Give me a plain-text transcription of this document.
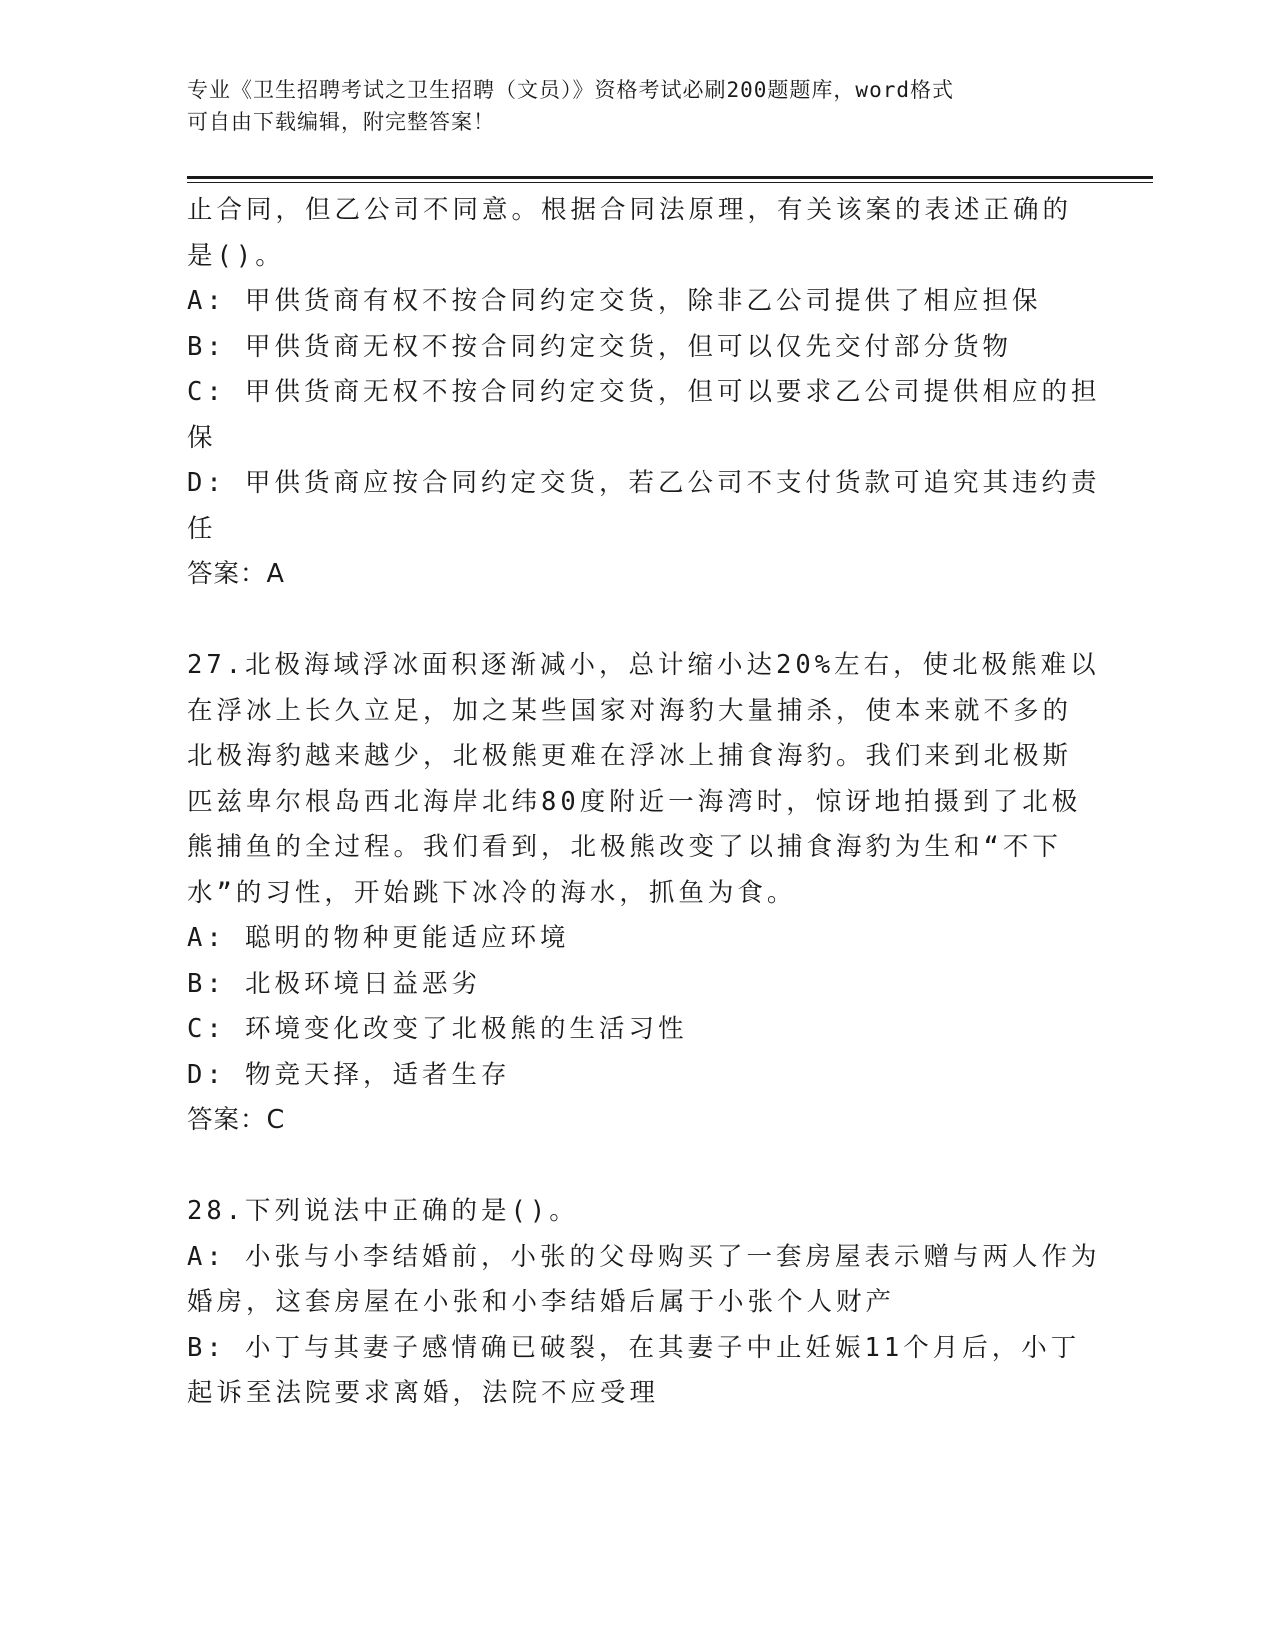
专业《卫生招聘考试之卫生招聘（文员）》资格考试必刷200题题库，word格式
可自由下载编辑，附完整答案！
止合同，但乙公司不同意。根据合同法原理，有关该案的表述正确的
是()。
A: 甲供货商有权不按合同约定交货，除非乙公司提供了相应担保
B: 甲供货商无权不按合同约定交货，但可以仅先交付部分货物
C: 甲供货商无权不按合同约定交货，但可以要求乙公司提供相应的担
保
D: 甲供货商应按合同约定交货，若乙公司不支付货款可追究其违约责
任
答案：A
27.北极海域浮冰面积逐渐减小，总计缩小达20%左右，使北极熊难以
在浮冰上长久立足，加之某些国家对海豹大量捕杀，使本来就不多的
北极海豹越来越少，北极熊更难在浮冰上捕食海豹。我们来到北极斯
匹兹卑尔根岛西北海岸北纬80度附近一海湾时，惊讶地拍摄到了北极
熊捕鱼的全过程。我们看到，北极熊改变了以捕食海豹为生和“不下
水”的习性，开始跳下冰冷的海水，抓鱼为食。
A: 聪明的物种更能适应环境
B: 北极环境日益恶劣
C: 环境变化改变了北极熊的生活习性
D: 物竞天择，适者生存
答案：C
28.下列说法中正确的是()。
A: 小张与小李结婚前，小张的父母购买了一套房屋表示赠与两人作为
婚房，这套房屋在小张和小李结婚后属于小张个人财产
B: 小丁与其妻子感情确已破裂，在其妻子中止妊娠11个月后，小丁
起诉至法院要求离婚，法院不应受理
